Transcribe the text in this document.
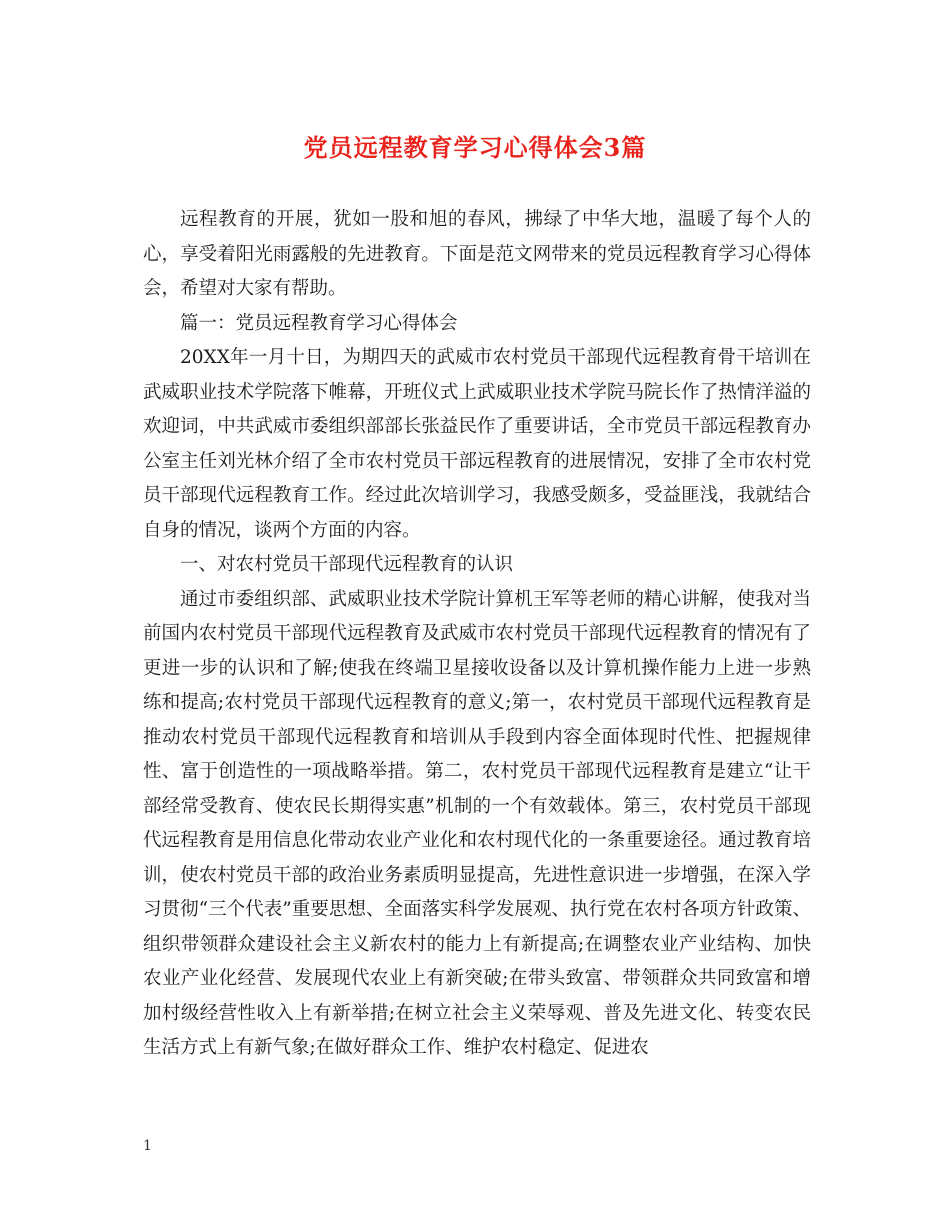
党员远程教育学习心得体会3篇

远程教育的开展，犹如一股和旭的春风，拂绿了中华大地，温暖了每个人的心，享受着阳光雨露般的先进教育。下面是范文网带来的党员远程教育学习心得体会，希望对大家有帮助。

篇一：党员远程教育学习心得体会

20XX年一月十日，为期四天的武威市农村党员干部现代远程教育骨干培训在武威职业技术学院落下帷幕，开班仪式上武威职业技术学院马院长作了热情洋溢的欢迎词，中共武威市委组织部部长张益民作了重要讲话，全市党员干部远程教育办公室主任刘光林介绍了全市农村党员干部远程教育的进展情况，安排了全市农村党员干部现代远程教育工作。经过此次培训学习，我感受颇多，受益匪浅，我就结合自身的情况，谈两个方面的内容。

一、对农村党员干部现代远程教育的认识

通过市委组织部、武威职业技术学院计算机王军等老师的精心讲解，使我对当前国内农村党员干部现代远程教育及武威市农村党员干部现代远程教育的情况有了更进一步的认识和了解;使我在终端卫星接收设备以及计算机操作能力上进一步熟练和提高;农村党员干部现代远程教育的意义;第一，农村党员干部现代远程教育是推动农村党员干部现代远程教育和培训从手段到内容全面体现时代性、把握规律性、富于创造性的一项战略举措。第二，农村党员干部现代远程教育是建立“让干部经常受教育、使农民长期得实惠”机制的一个有效载体。第三，农村党员干部现代远程教育是用信息化带动农业产业化和农村现代化的一条重要途径。通过教育培训，使农村党员干部的政治业务素质明显提高，先进性意识进一步增强，在深入学习贯彻“三个代表”重要思想、全面落实科学发展观、执行党在农村各项方针政策、组织带领群众建设社会主义新农村的能力上有新提高;在调整农业产业结构、加快农业产业化经营、发展现代农业上有新突破;在带头致富、带领群众共同致富和增加村级经营性收入上有新举措;在树立社会主义荣辱观、普及先进文化、转变农民生活方式上有新气象;在做好群众工作、维护农村稳定、促进农

1
